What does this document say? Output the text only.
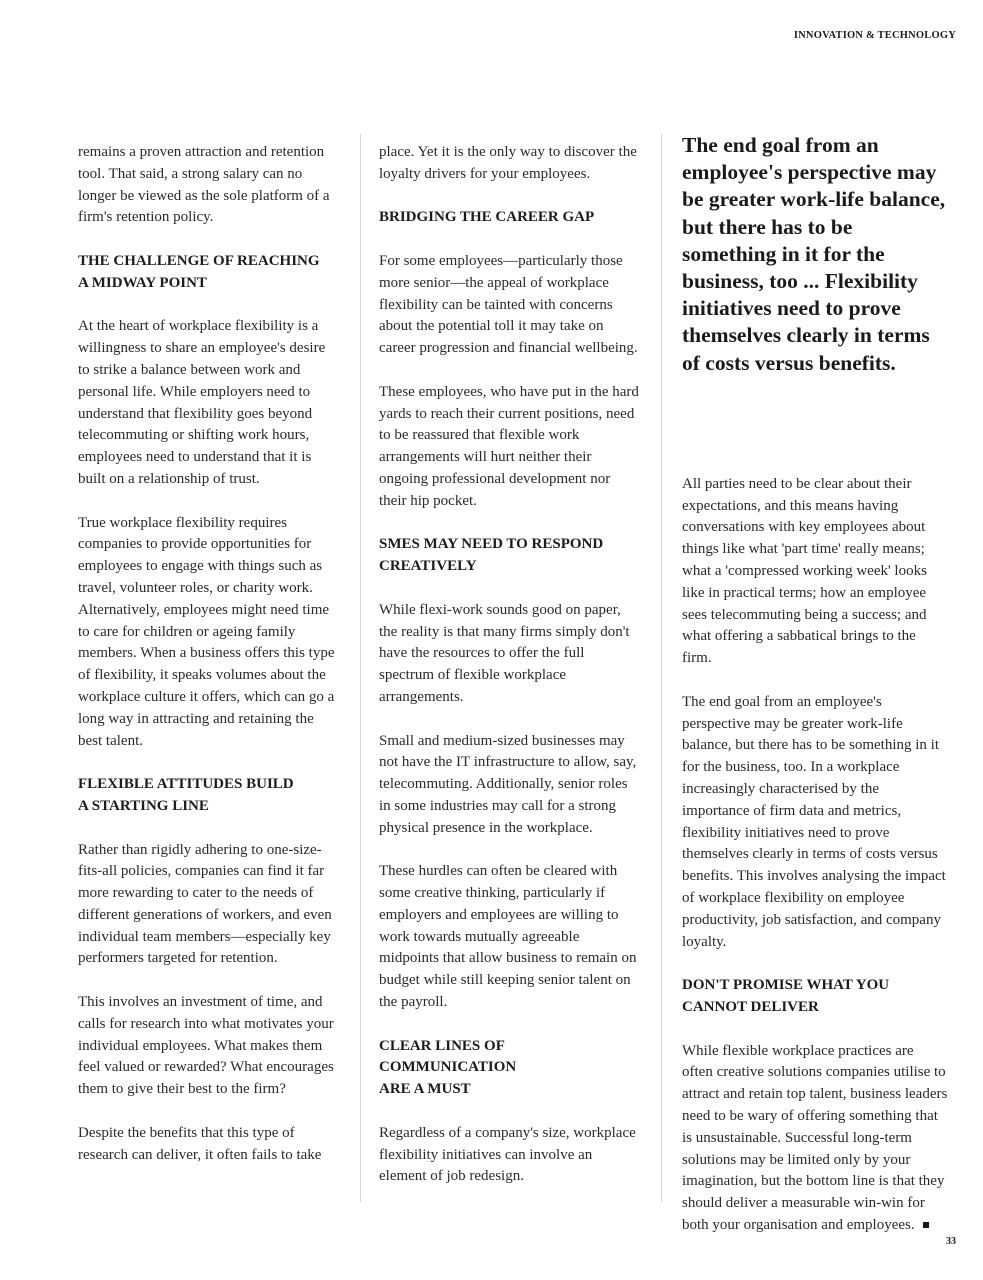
INNOVATION & TECHNOLOGY

remains a proven attraction and retention tool. That said, a strong salary can no longer be viewed as the sole platform of a firm's retention policy.

THE CHALLENGE OF REACHING
A MIDWAY POINT

At the heart of workplace flexibility is a willingness to share an employee's desire to strike a balance between work and personal life. While employers need to understand that flexibility goes beyond telecommuting or shifting work hours, employees need to understand that it is built on a relationship of trust.

True workplace flexibility requires companies to provide opportunities for employees to engage with things such as travel, volunteer roles, or charity work. Alternatively, employees might need time to care for children or ageing family members. When a business offers this type of flexibility, it speaks volumes about the workplace culture it offers, which can go a long way in attracting and retaining the best talent.

FLEXIBLE ATTITUDES BUILD
A STARTING LINE

Rather than rigidly adhering to one-size-fits-all policies, companies can find it far more rewarding to cater to the needs of different generations of workers, and even individual team members—especially key performers targeted for retention.

This involves an investment of time, and calls for research into what motivates your individual employees. What makes them feel valued or rewarded? What encourages them to give their best to the firm?

Despite the benefits that this type of research can deliver, it often fails to take

place. Yet it is the only way to discover the loyalty drivers for your employees.

BRIDGING THE CAREER GAP

For some employees—particularly those more senior—the appeal of workplace flexibility can be tainted with concerns about the potential toll it may take on career progression and financial wellbeing.

These employees, who have put in the hard yards to reach their current positions, need to be reassured that flexible work arrangements will hurt neither their ongoing professional development nor their hip pocket.

SMES MAY NEED TO RESPOND
CREATIVELY

While flexi-work sounds good on paper, the reality is that many firms simply don't have the resources to offer the full spectrum of flexible workplace arrangements.

Small and medium-sized businesses may not have the IT infrastructure to allow, say, telecommuting. Additionally, senior roles in some industries may call for a strong physical presence in the workplace.

These hurdles can often be cleared with some creative thinking, particularly if employers and employees are willing to work towards mutually agreeable midpoints that allow business to remain on budget while still keeping senior talent on the payroll.

CLEAR LINES OF COMMUNICATION
ARE A MUST

Regardless of a company's size, workplace flexibility initiatives can involve an element of job redesign.

The end goal from an employee's perspective may be greater work-life balance, but there has to be something in it for the business, too ... Flexibility initiatives need to prove themselves clearly in terms of costs versus benefits.

All parties need to be clear about their expectations, and this means having conversations with key employees about things like what 'part time' really means; what a 'compressed working week' looks like in practical terms; how an employee sees telecommuting being a success; and what offering a sabbatical brings to the firm.

The end goal from an employee's perspective may be greater work-life balance, but there has to be something in it for the business, too. In a workplace increasingly characterised by the importance of firm data and metrics, flexibility initiatives need to prove themselves clearly in terms of costs versus benefits. This involves analysing the impact of workplace flexibility on employee productivity, job satisfaction, and company loyalty.

DON'T PROMISE WHAT YOU
CANNOT DELIVER

While flexible workplace practices are often creative solutions companies utilise to attract and retain top talent, business leaders need to be wary of offering something that is unsustainable. Successful long-term solutions may be limited only by your imagination, but the bottom line is that they should deliver a measurable win-win for both your organisation and employees.

33
